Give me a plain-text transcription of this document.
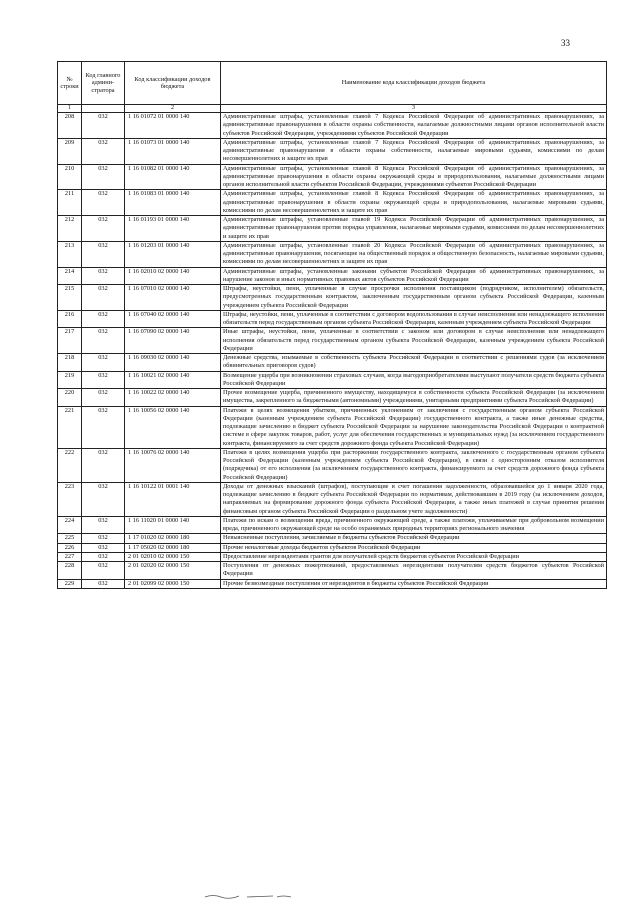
33
№ строки	Код главного админи-стратора	Код классификации доходов бюджета	Наименование кода классификации доходов бюджета
1		2	3
208	032	1 16 01072 01 0000 140	Административные штрафы, установленные главой 7 Кодекса Российской Федерации об административных правонарушениях, за административные правонарушения в области охраны собственности, налагаемые должностными лицами органов исполнительной власти субъектов Российской Федерации, учреждениями субъектов Российской Федерации
209	032	1 16 01073 01 0000 140	Административные штрафы, установленные главой 7 Кодекса Российской Федерации об административных правонарушениях, за административные правонарушения в области охраны собственности, налагаемые мировыми судьями, комиссиями по делам несовершеннолетних и защите их прав
210	032	1 16 01082 01 0000 140	Административные штрафы, установленные главой 8 Кодекса Российской Федерации об административных правонарушениях, за административные правонарушения в области охраны окружающей среды и природопользования, налагаемые должностными лицами органов исполнительной власти субъектов Российской Федерации, учреждениями субъектов Российской Федерации
211	032	1 16 01083 01 0000 140	Административные штрафы, установленные главой 8 Кодекса Российской Федерации об административных правонарушениях, за административные правонарушения в области охраны окружающей среды и природопользования, налагаемые мировыми судьями, комиссиями по делам несовершеннолетних и защите их прав
212	032	1 16 01193 01 0000 140	Административные штрафы, установленные главой 19 Кодекса Российской Федерации об административных правонарушениях, за административные правонарушения против порядка управления, налагаемые мировыми судьями, комиссиями по делам несовершеннолетних и защите их прав
213	032	1 16 01203 01 0000 140	Административные штрафы, установленные главой 20 Кодекса Российской Федерации об административных правонарушениях, за административные правонарушения, посягающие на общественный порядок и общественную безопасность, налагаемые мировыми судьями, комиссиями по делам несовершеннолетних и защите их прав
214	032	1 16 02010 02 0000 140	Административные штрафы, установленные законами субъектов Российской Федерации об административных правонарушениях, за нарушение законов и иных нормативных правовых актов субъектов Российской Федерации
215	032	1 16 07010 02 0000 140	Штрафы, неустойки, пени, уплаченные в случае просрочки исполнения поставщиком (подрядчиком, исполнителем) обязательств, предусмотренных государственным контрактом, заключенным государственным органом субъекта Российской Федерации, казенным учреждением субъекта Российской Федерации
216	032	1 16 07040 02 0000 140	Штрафы, неустойки, пени, уплаченные в соответствии с договором водопользования в случае неисполнения или ненадлежащего исполнения обязательств перед государственным органом субъекта Российской Федерации, казенным учреждением субъекта Российской Федерации
217	032	1 16 07090 02 0000 140	Иные штрафы, неустойки, пени, уплаченные в соответствии с законом или договором в случае неисполнения или ненадлежащего исполнения обязательств перед государственным органом субъекта Российской Федерации, казенным учреждением субъекта Российской Федерации
218	032	1 16 09030 02 0000 140	Денежные средства, изымаемые в собственность субъекта Российской Федерации в соответствии с решениями судов (за исключением обвинительных приговоров судов)
219	032	1 16 10021 02 0000 140	Возмещение ущерба при возникновении страховых случаев, когда выгодоприобретателями выступают получатели средств бюджета субъекта Российской Федерации
220	032	1 16 10022 02 0000 140	Прочее возмещение ущерба, причиненного имуществу, находящемуся в собственности субъекта Российской Федерации (за исключением имущества, закрепленного за бюджетными (автономными) учреждениями, унитарными предприятиями субъекта Российской Федерации)
221	032	1 16 10056 02 0000 140	Платежи в целях возмещения убытков, причиненных уклонением от заключения с государственным органом субъекта Российской Федерации (казенным учреждением субъекта Российской Федерации) государственного контракта, а также иные денежные средства, подлежащие зачислению в бюджет субъекта Российской Федерации за нарушение законодательства Российской Федерации о контрактной системе в сфере закупок товаров, работ, услуг для обеспечения государственных и муниципальных нужд (за исключением государственного контракта, финансируемого за счет средств дорожного фонда субъекта Российской Федерации)
222	032	1 16 10076 02 0000 140	Платежи в целях возмещения ущерба при расторжении государственного контракта, заключенного с государственным органом субъекта Российской Федерации (казенным учреждением субъекта Российской Федерации), в связи с односторонним отказом исполнителя (подрядчика) от его исполнения (за исключением государственного контракта, финансируемого за счет средств дорожного фонда субъекта Российской Федерации)
223	032	1 16 10122 01 0001 140	Доходы от денежных взысканий (штрафов), поступающие в счет погашения задолженности, образовавшейся до 1 января 2020 года, подлежащие зачислению в бюджет субъекта Российской Федерации по нормативам, действовавшим в 2019 году (за исключением доходов, направляемых на формирование дорожного фонда субъекта Российской Федерации, а также иных платежей в случае принятия решения финансовым органом субъекта Российской Федерации о раздельном учете задолженности)
224	032	1 16 11020 01 0000 140	Платежи по искам о возмещении вреда, причиненного окружающей среде, а также платежи, уплачиваемые при добровольном возмещении вреда, причиненного окружающей среде на особо охраняемых природных территориях регионального значения
225	032	1 17 01020 02 0000 180	Невыясненные поступления, зачисляемые в бюджеты субъектов Российской Федерации
226	032	1 17 05020 02 0000 180	Прочие неналоговые доходы бюджетов субъектов Российской Федерации
227	032	2 01 02010 02 0000 150	Предоставление нерезидентами грантов для получателей средств бюджетов субъектов Российской Федерации
228	032	2 01 02020 02 0000 150	Поступления от денежных пожертвований, предоставляемых нерезидентами получателям средств бюджетов субъектов Российской Федерации
229	032	2 01 02099 02 0000 150	Прочие безвозмездные поступления от нерезидентов в бюджеты субъектов Российской Федерации
